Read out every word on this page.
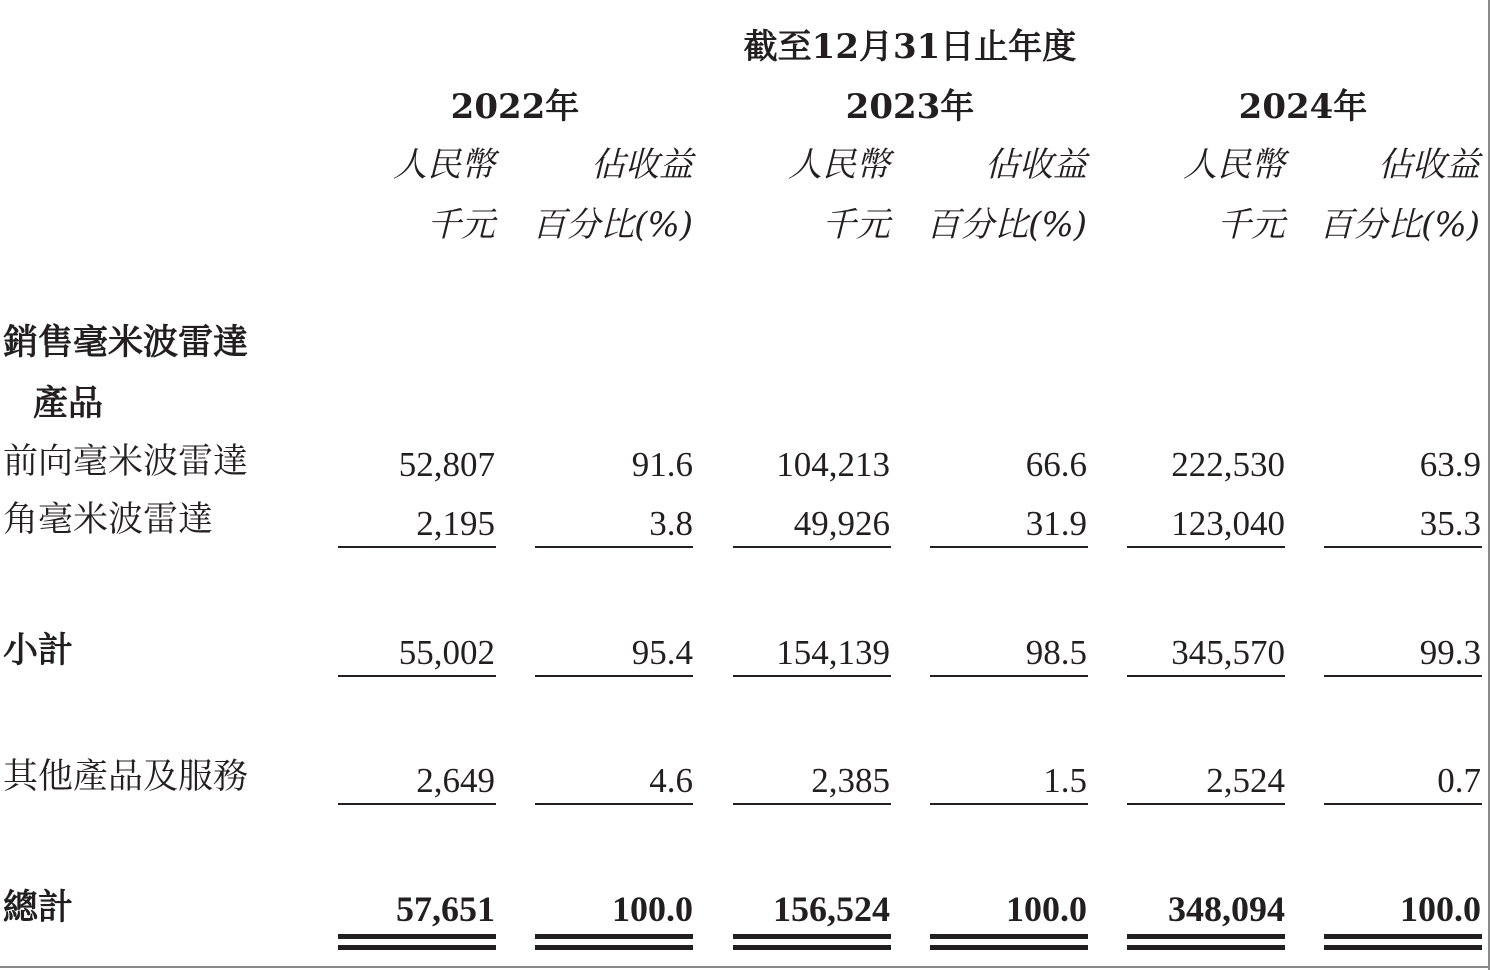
截至12月31日止年度
2022年	2023年	2024年
人民幣	佔收益	人民幣	佔收益	人民幣	佔收益
千元	百分比(%)	千元	百分比(%)	千元	百分比(%)
銷售毫米波雷達
產品
前向毫米波雷達	52,807	91.6	104,213	66.6	222,530	63.9
角毫米波雷達	2,195	3.8	49,926	31.9	123,040	35.3
小計	55,002	95.4	154,139	98.5	345,570	99.3
其他產品及服務	2,649	4.6	2,385	1.5	2,524	0.7
總計	57,651	100.0	156,524	100.0	348,094	100.0
